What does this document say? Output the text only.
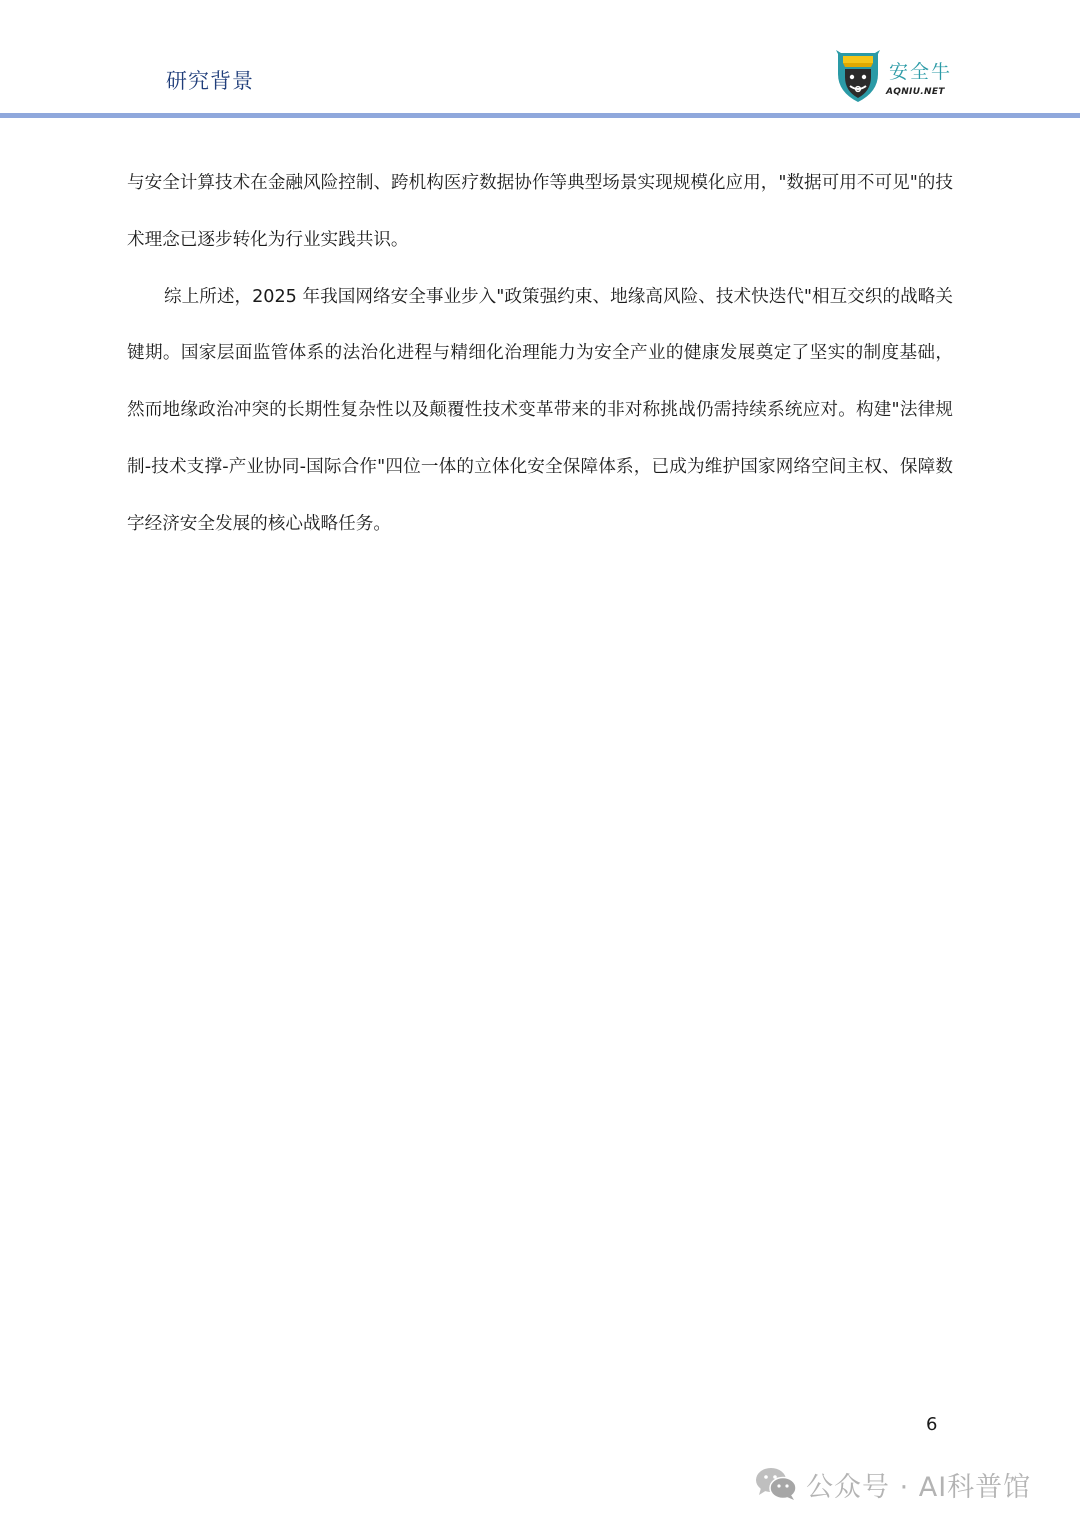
研究背景	安全牛
AQNIU.NET

与安全计算技术在金融风险控制、跨机构医疗数据协作等典型场景实现规模化应用，"数据可用不可见"的技术理念已逐步转化为行业实践共识。

综上所述，2025 年我国网络安全事业步入"政策强约束、地缘高风险、技术快迭代"相互交织的战略关键期。国家层面监管体系的法治化进程与精细化治理能力为安全产业的健康发展奠定了坚实的制度基础，然而地缘政治冲突的长期性复杂性以及颠覆性技术变革带来的非对称挑战仍需持续系统应对。构建"法律规制-技术支撑-产业协同-国际合作"四位一体的立体化安全保障体系，已成为维护国家网络空间主权、保障数字经济安全发展的核心战略任务。

6
公众号 · AI科普馆
